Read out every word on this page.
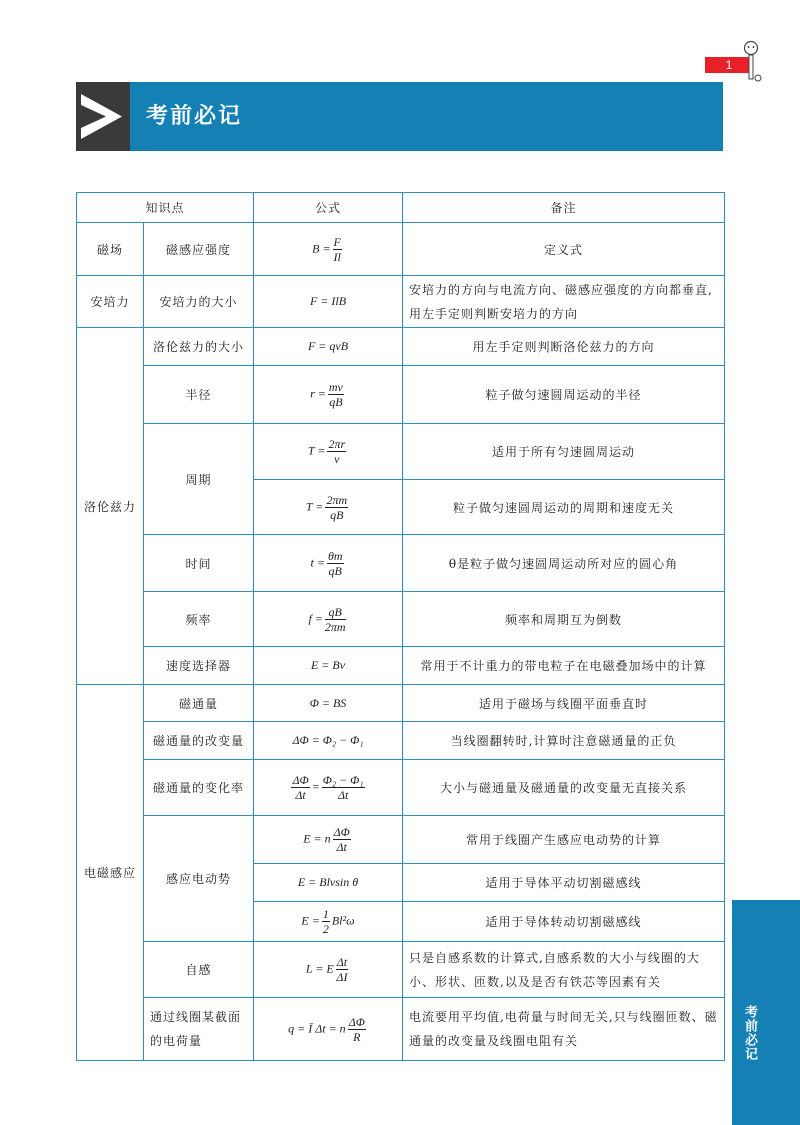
1
考前必记
知识点		公式	备注
磁场	磁感应强度	$B = \frac{F}{Il}$	定义式
安培力	安培力的大小	F = IlB	安培力的方向与电流方向、磁感应强度的方向都垂直,用左手定则判断安培力的方向
洛伦兹力	洛伦兹力的大小	F = qvB	用左手定则判断洛伦兹力的方向
	半径	$r = \frac{mv}{qB}$	粒子做匀速圆周运动的半径
	周期	$T = \frac{2\pi r}{v}$	适用于所有匀速圆周运动
		$T = \frac{2\pi m}{qB}$	粒子做匀速圆周运动的周期和速度无关
	时间	$t = \frac{\theta m}{qB}$	θ是粒子做匀速圆周运动所对应的圆心角
	频率	$f = \frac{qB}{2\pi m}$	频率和周期互为倒数
	速度选择器	E = Bv	常用于不计重力的带电粒子在电磁叠加场中的计算
电磁感应	磁通量	Φ = BS	适用于磁场与线圈平面垂直时
	磁通量的改变量	ΔΦ = Φ₂ − Φ₁	当线圈翻转时,计算时注意磁通量的正负
	磁通量的变化率	$\frac{\Delta\Phi}{\Delta t} = \frac{\text{Φ₂ − Φ₁}}{\Delta t}$	大小与磁通量及磁通量的改变量无直接关系
	感应电动势	E = n $\frac{\Delta\Phi}{\Delta t}$	常用于线圈产生感应电动势的计算
		E = Blvsin θ	适用于导体平动切割磁感线
		$E = \frac{1}{2} Bl^2\omega$	适用于导体转动切割磁感线
	自感	L = E $\frac{\Delta t}{\Delta I}$	只是自感系数的计算式,自感系数的大小与线圈的大小、形状、匝数,以及是否有铁芯等因素有关
	通过线圈某截面的电荷量	q = Ī Δt = n $\frac{\Delta\Phi}{R}$	电流要用平均值,电荷量与时间无关,只与线圈匝数、磁通量的改变量及线圈电阻有关	考前必记
